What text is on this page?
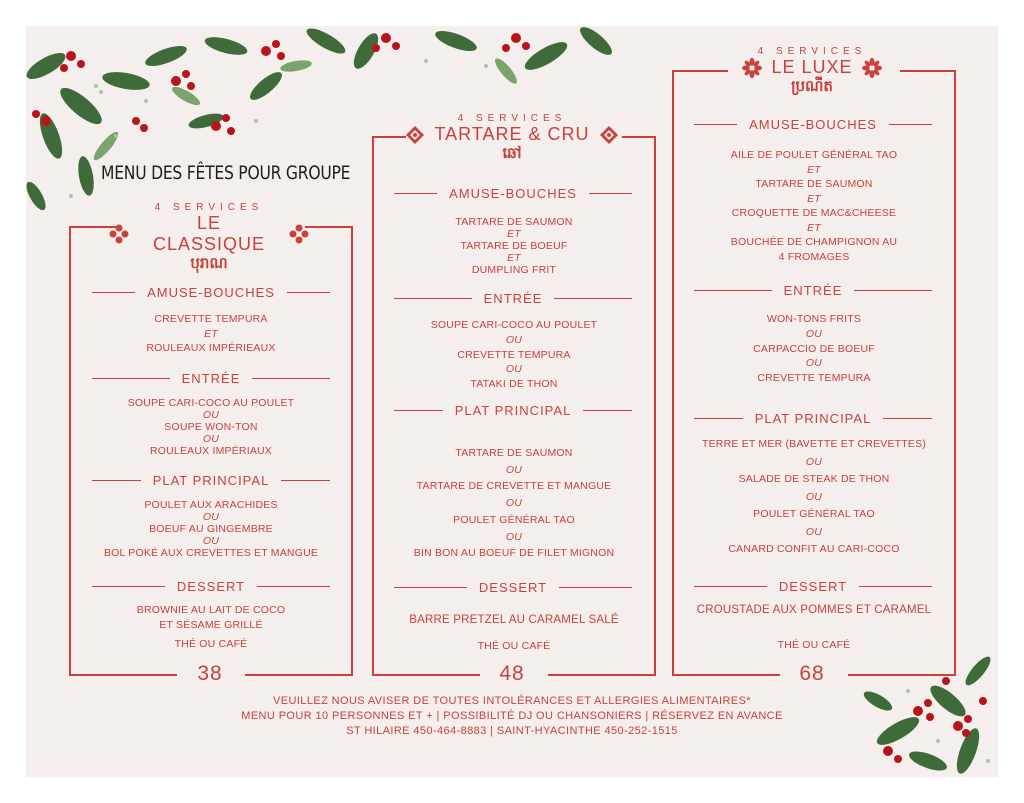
MENU DES FÊTES POUR GROUPE
4 SERVICES
LE CLASSIQUE
បុរាណ
AMUSE-BOUCHES
CREVETTE TEMPURA
ET
ROULEAUX IMPÉRIEAUX
ENTRÉE
SOUPE CARI-COCO AU POULET
OU
SOUPE WON-TON
OU
ROULEAUX IMPÉRIAUX
PLAT PRINCIPAL
POULET AUX ARACHIDES
OU
BOEUF AU GINGEMBRE
OU
BOL POKÉ AUX CREVETTES ET MANGUE
DESSERT
BROWNIE AU LAIT DE COCO
ET SÉSAME GRILLÉ
THÉ OU CAFÉ
38
4 SERVICES
TARTARE & CRU
ឆៅ
AMUSE-BOUCHES
TARTARE DE SAUMON
ET
TARTARE DE BOEUF
ET
DUMPLING FRIT
ENTRÉE
SOUPE CARI-COCO AU POULET
OU
CREVETTE TEMPURA
OU
TATAKI DE THON
PLAT PRINCIPAL
TARTARE DE SAUMON
OU
TARTARE DE CREVETTE ET MANGUE
OU
POULET GÉNÉRAL TAO
OU
BIN BON AU BOEUF DE FILET MIGNON
DESSERT
BARRE PRETZEL AU CARAMEL SALÉ
THÉ OU CAFÉ
48
4 SERVICES
LE LUXE
ប្រណីត
AMUSE-BOUCHES
AILE DE POULET GÉNÉRAL TAO
ET
TARTARE DE SAUMON
ET
CROQUETTE DE MAC&CHEESE
ET
BOUCHÉE DE CHAMPIGNON AU
4 FROMAGES
ENTRÉE
WON-TONS FRITS
OU
CARPACCIO DE BOEUF
OU
CREVETTE TEMPURA
PLAT PRINCIPAL
TERRE ET MER (BAVETTE ET CREVETTES)
OU
SALADE DE STEAK DE THON
OU
POULET GÉNÉRAL TAO
OU
CANARD CONFIT AU CARI-COCO
DESSERT
CROUSTADE AUX POMMES ET CARAMEL
THÉ OU CAFÉ
68
VEUILLEZ NOUS AVISER DE TOUTES INTOLÉRANCES ET ALLERGIES ALIMENTAIRES*
MENU POUR 10 PERSONNES ET + | POSSIBILITÉ DJ OU CHANSONIERS | RÉSERVEZ EN AVANCE
ST HILAIRE 450-464-8883 | SAINT-HYACINTHE 450-252-1515
